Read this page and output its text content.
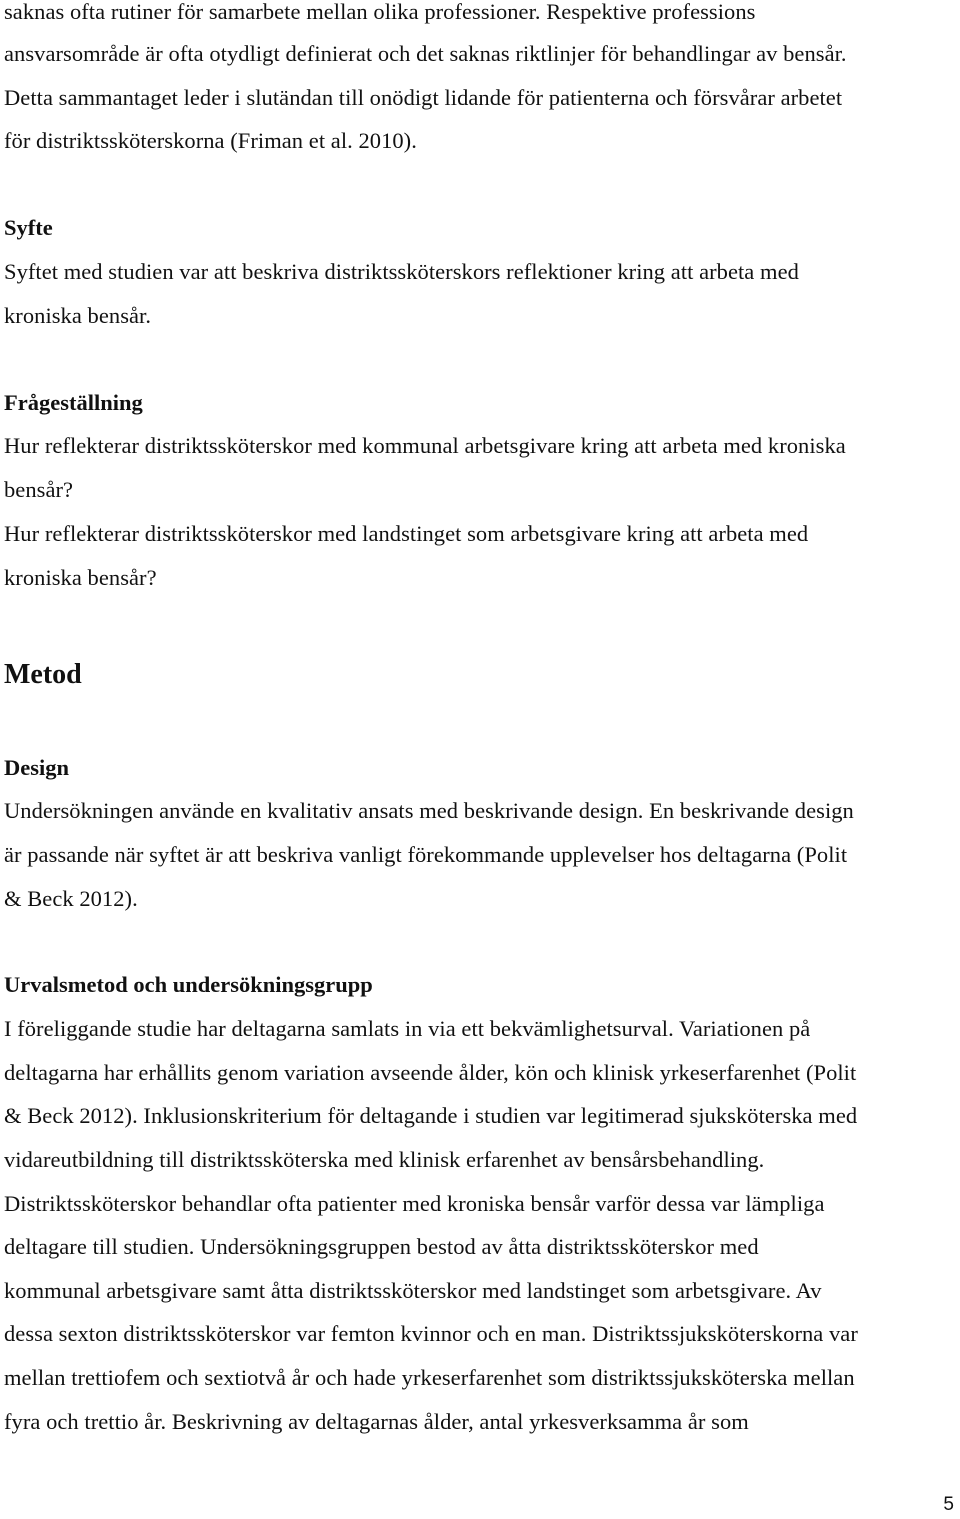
saknas ofta rutiner för samarbete mellan olika professioner. Respektive professions
ansvarsområde är ofta otydligt definierat och det saknas riktlinjer för behandlingar av bensår.
Detta sammantaget leder i slutändan till onödigt lidande för patienterna och försvårar arbetet
för distriktssköterskorna (Friman et al. 2010).
Syfte
Syftet med studien var att beskriva distriktssköterskors reflektioner kring att arbeta med
kroniska bensår.
Frågeställning
Hur reflekterar distriktssköterskor med kommunal arbetsgivare kring att arbeta med kroniska
bensår?
Hur reflekterar distriktssköterskor med landstinget som arbetsgivare kring att arbeta med
kroniska bensår?
Metod
Design
Undersökningen använde en kvalitativ ansats med beskrivande design. En beskrivande design
är passande när syftet är att beskriva vanligt förekommande upplevelser hos deltagarna (Polit
& Beck 2012).
Urvalsmetod och undersökningsgrupp
I föreliggande studie har deltagarna samlats in via ett bekvämlighetsurval. Variationen på
deltagarna har erhållits genom variation avseende ålder, kön och klinisk yrkeserfarenhet (Polit
& Beck 2012). Inklusionskriterium för deltagande i studien var legitimerad sjuksköterska med
vidareutbildning till distriktssköterska med klinisk erfarenhet av bensårsbehandling.
Distriktssköterskor behandlar ofta patienter med kroniska bensår varför dessa var lämpliga
deltagare till studien. Undersökningsgruppen bestod av åtta distriktssköterskor med
kommunal arbetsgivare samt åtta distriktssköterskor med landstinget som arbetsgivare. Av
dessa sexton distriktssköterskor var femton kvinnor och en man. Distriktssjuksköterskorna var
mellan trettiofem och sextiotvå år och hade yrkeserfarenhet som distriktssjuksköterska mellan
fyra och trettio år. Beskrivning av deltagarnas ålder, antal yrkesverksamma år som
5
